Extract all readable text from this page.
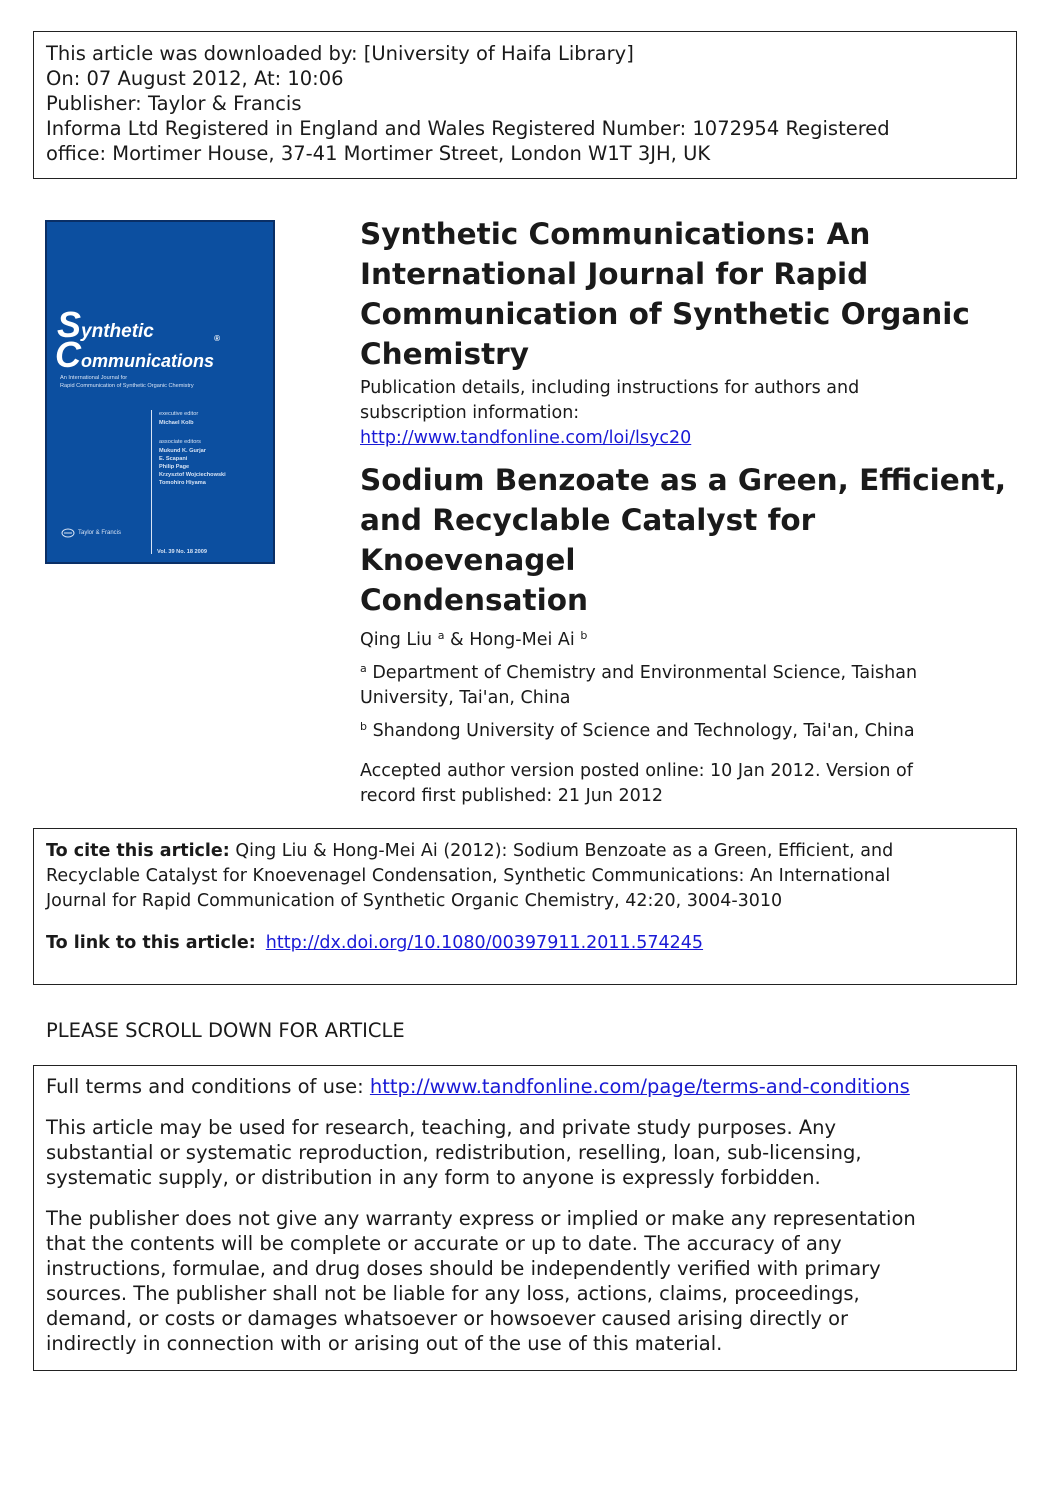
This article was downloaded by: [University of Haifa Library]
On: 07 August 2012, At: 10:06
Publisher: Taylor & Francis
Informa Ltd Registered in England and Wales Registered Number: 1072954 Registered
office: Mortimer House, 37-41 Mortimer Street, London W1T 3JH, UK
Synthetic
Communications®
An International Journal for
Rapid Communication of Synthetic Organic Chemistry
executive editor
Michael Kolb
associate editors
Mukund K. Gurjar
E. Scapani
Philip Page
Krzysztof Wojciechowski
Tomohiro Hiyama
Taylor & Francis
Vol. 39 No. 18 2009
Synthetic Communications: An
International Journal for Rapid
Communication of Synthetic Organic
Chemistry
Publication details, including instructions for authors and
subscription information:
http://www.tandfonline.com/loi/lsyc20
Sodium Benzoate as a Green, Efficient,
and Recyclable Catalyst for Knoevenagel
Condensation
Qing Liu $^a$ & Hong-Mei Ai $^b$
$^a$ Department of Chemistry and Environmental Science, Taishan
University, Tai'an, China
$^b$ Shandong University of Science and Technology, Tai'an, China
Accepted author version posted online: 10 Jan 2012. Version of
record first published: 21 Jun 2012
To cite this article: Qing Liu & Hong-Mei Ai (2012): Sodium Benzoate as a Green, Efficient, and
Recyclable Catalyst for Knoevenagel Condensation, Synthetic Communications: An International
Journal for Rapid Communication of Synthetic Organic Chemistry, 42:20, 3004-3010
To link to this article: http://dx.doi.org/10.1080/00397911.2011.574245
PLEASE SCROLL DOWN FOR ARTICLE

Full terms and conditions of use: http://www.tandfonline.com/page/terms-and-conditions

This article may be used for research, teaching, and private study purposes. Any
substantial or systematic reproduction, redistribution, reselling, loan, sub-licensing,
systematic supply, or distribution in any form to anyone is expressly forbidden.

The publisher does not give any warranty express or implied or make any representation
that the contents will be complete or accurate or up to date. The accuracy of any
instructions, formulae, and drug doses should be independently verified with primary
sources. The publisher shall not be liable for any loss, actions, claims, proceedings,
demand, or costs or damages whatsoever or howsoever caused arising directly or
indirectly in connection with or arising out of the use of this material.
